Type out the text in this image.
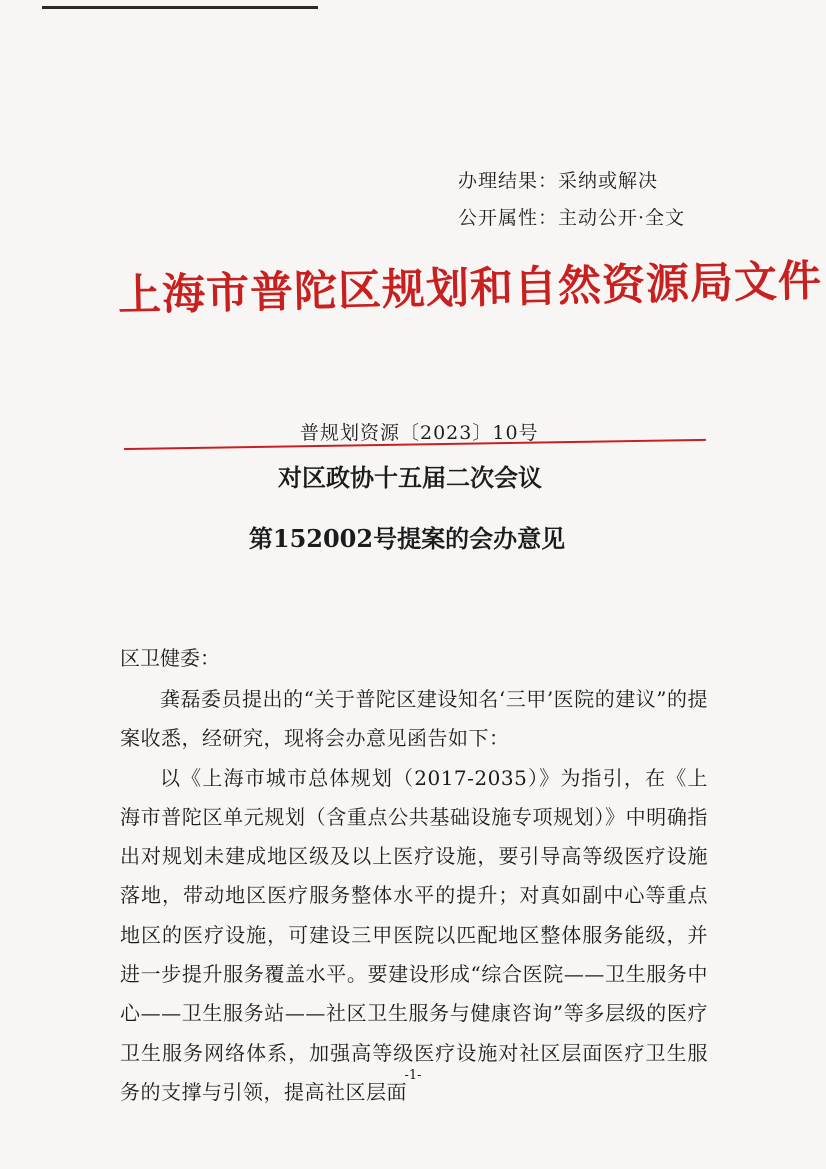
办理结果：采纳或解决
公开属性：主动公开·全文
上海市普陀区规划和自然资源局文件
普规划资源〔2023〕10号
对区政协十五届二次会议
第152002号提案的会办意见
区卫健委：

龚磊委员提出的“关于普陀区建设知名‘三甲’医院的建议”的提案收悉，经研究，现将会办意见函告如下：

以《上海市城市总体规划（2017-2035）》为指引，在《上海市普陀区单元规划（含重点公共基础设施专项规划）》中明确指出对规划未建成地区级及以上医疗设施，要引导高等级医疗设施落地，带动地区医疗服务整体水平的提升；对真如副中心等重点地区的医疗设施，可建设三甲医院以匹配地区整体服务能级，并进一步提升服务覆盖水平。要建设形成“综合医院——卫生服务中心——卫生服务站——社区卫生服务与健康咨询”等多层级的医疗卫生服务网络体系，加强高等级医疗设施对社区层面医疗卫生服务的支撑与引领，提高社区层面

-1-
